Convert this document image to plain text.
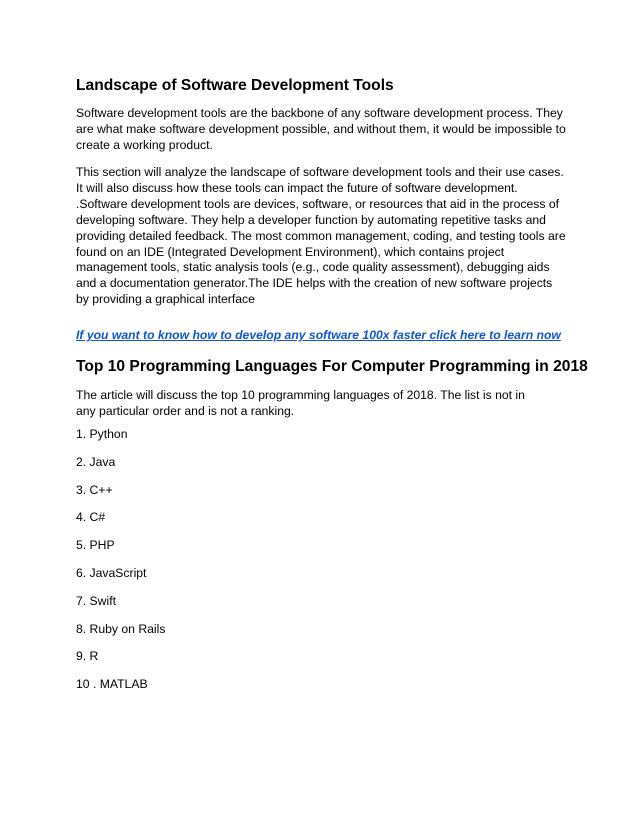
Landscape of Software Development Tools

Software development tools are the backbone of any software development process. They are what make software development possible, and without them, it would be impossible to create a working product.

This section will analyze the landscape of software development tools and their use cases. It will also discuss how these tools can impact the future of software development. .Software development tools are devices, software, or resources that aid in the process of developing software. They help a developer function by automating repetitive tasks and providing detailed feedback. The most common management, coding, and testing tools are found on an IDE (Integrated Development Environment), which contains project management tools, static analysis tools (e.g., code quality assessment), debugging aids and a documentation generator.The IDE helps with the creation of new software projects by providing a graphical interface

If you want to know how to develop any software 100x faster click here to learn now
Top 10 Programming Languages For Computer Programming in 2018

The article will discuss the top 10 programming languages of 2018. The list is not in any particular order and is not a ranking.

1. Python
2. Java
3. C++
4. C#
5. PHP
6. JavaScript
7. Swift
8. Ruby on Rails
9. R
10 . MATLAB
